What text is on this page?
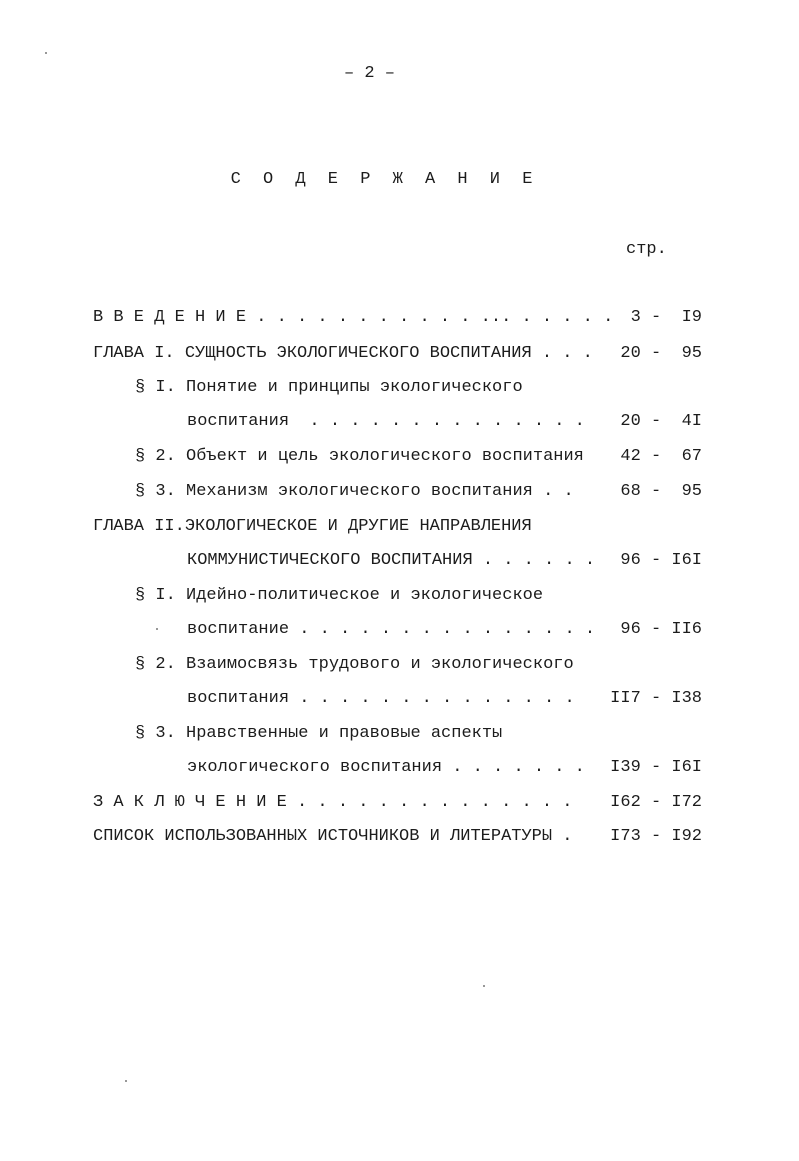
– 2 –
С О Д Е Р Ж А Н И Е
стр.
В В Е Д Е Н И Е . . . . . . . . . . . ... . . . . . 3 -  I9
ГЛАВА I. СУЩНОСТЬ ЭКОЛОГИЧЕСКОГО ВОСПИТАНИЯ . . . 20 -  95
§ I. Понятие и принципы экологического
воспитания  . . . . . . . . . . . . . . 20 -  4I
§ 2. Объект и цель экологического воспитания 42 -  67
§ 3. Механизм экологического воспитания . .	68 -  95
ГЛАВА II.ЭКОЛОГИЧЕСКОЕ И ДРУГИЕ НАПРАВЛЕНИЯ
КОММУНИСТИЧЕСКОГО ВОСПИТАНИЯ . . . . . . 96 - I6I
§ I. Идейно-политическое и экологическое
воспитание . . . . . . . . . . . . . . . 96 - II6
§ 2. Взаимосвязь трудового и экологического
воспитания . . . . . . . . . . . . . . II7 - I38
§ 3. Нравственные и правовые аспекты
экологического воспитания . . . . . . . I39 - I6I
З А К Л Ю Ч Е Н И Е . . . . . . . . . . . . . . I62 - I72
СПИСОК ИСПОЛЬЗОВАННЫХ ИСТОЧНИКОВ И ЛИТЕРАТУРЫ . I73 - I92
